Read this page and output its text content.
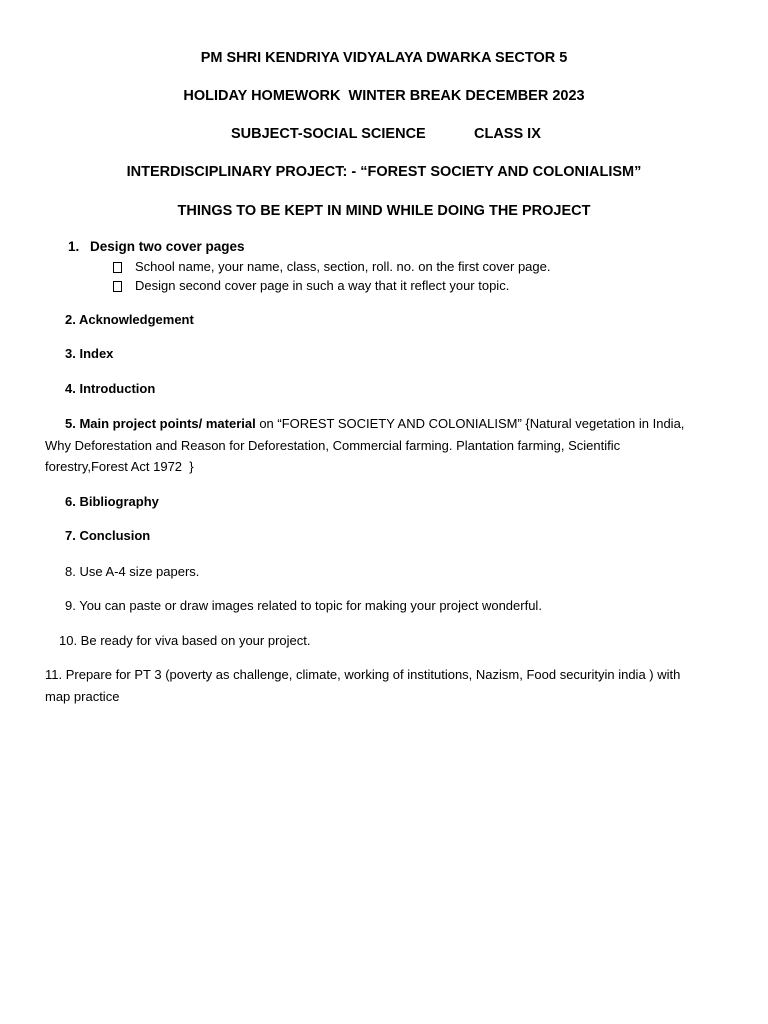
PM SHRI KENDRIYA VIDYALAYA DWARKA SECTOR 5

HOLIDAY HOMEWORK  WINTER BREAK DECEMBER 2023

SUBJECT-SOCIAL SCIENCE	CLASS IX

INTERDISCIPLINARY PROJECT: - “FOREST SOCIETY AND COLONIALISM”

THINGS TO BE KEPT IN MIND WHILE DOING THE PROJECT

1. Design two cover pages

School name, your name, class, section, roll. no. on the first cover page.

Design second cover page in such a way that it reflect your topic.

2. Acknowledgement

3. Index

4. Introduction

5. Main project points/ material on “FOREST SOCIETY AND COLONIALISM” {Natural vegetation in India,

Why Deforestation and Reason for Deforestation, Commercial farming. Plantation farming, Scientific

forestry,Forest Act 1972  }

6. Bibliography

7. Conclusion

8. Use A-4 size papers.

9. You can paste or draw images related to topic for making your project wonderful.

10. Be ready for viva based on your project.

11. Prepare for PT 3 (poverty as challenge, climate, working of institutions, Nazism, Food securityin india ) with

map practice
